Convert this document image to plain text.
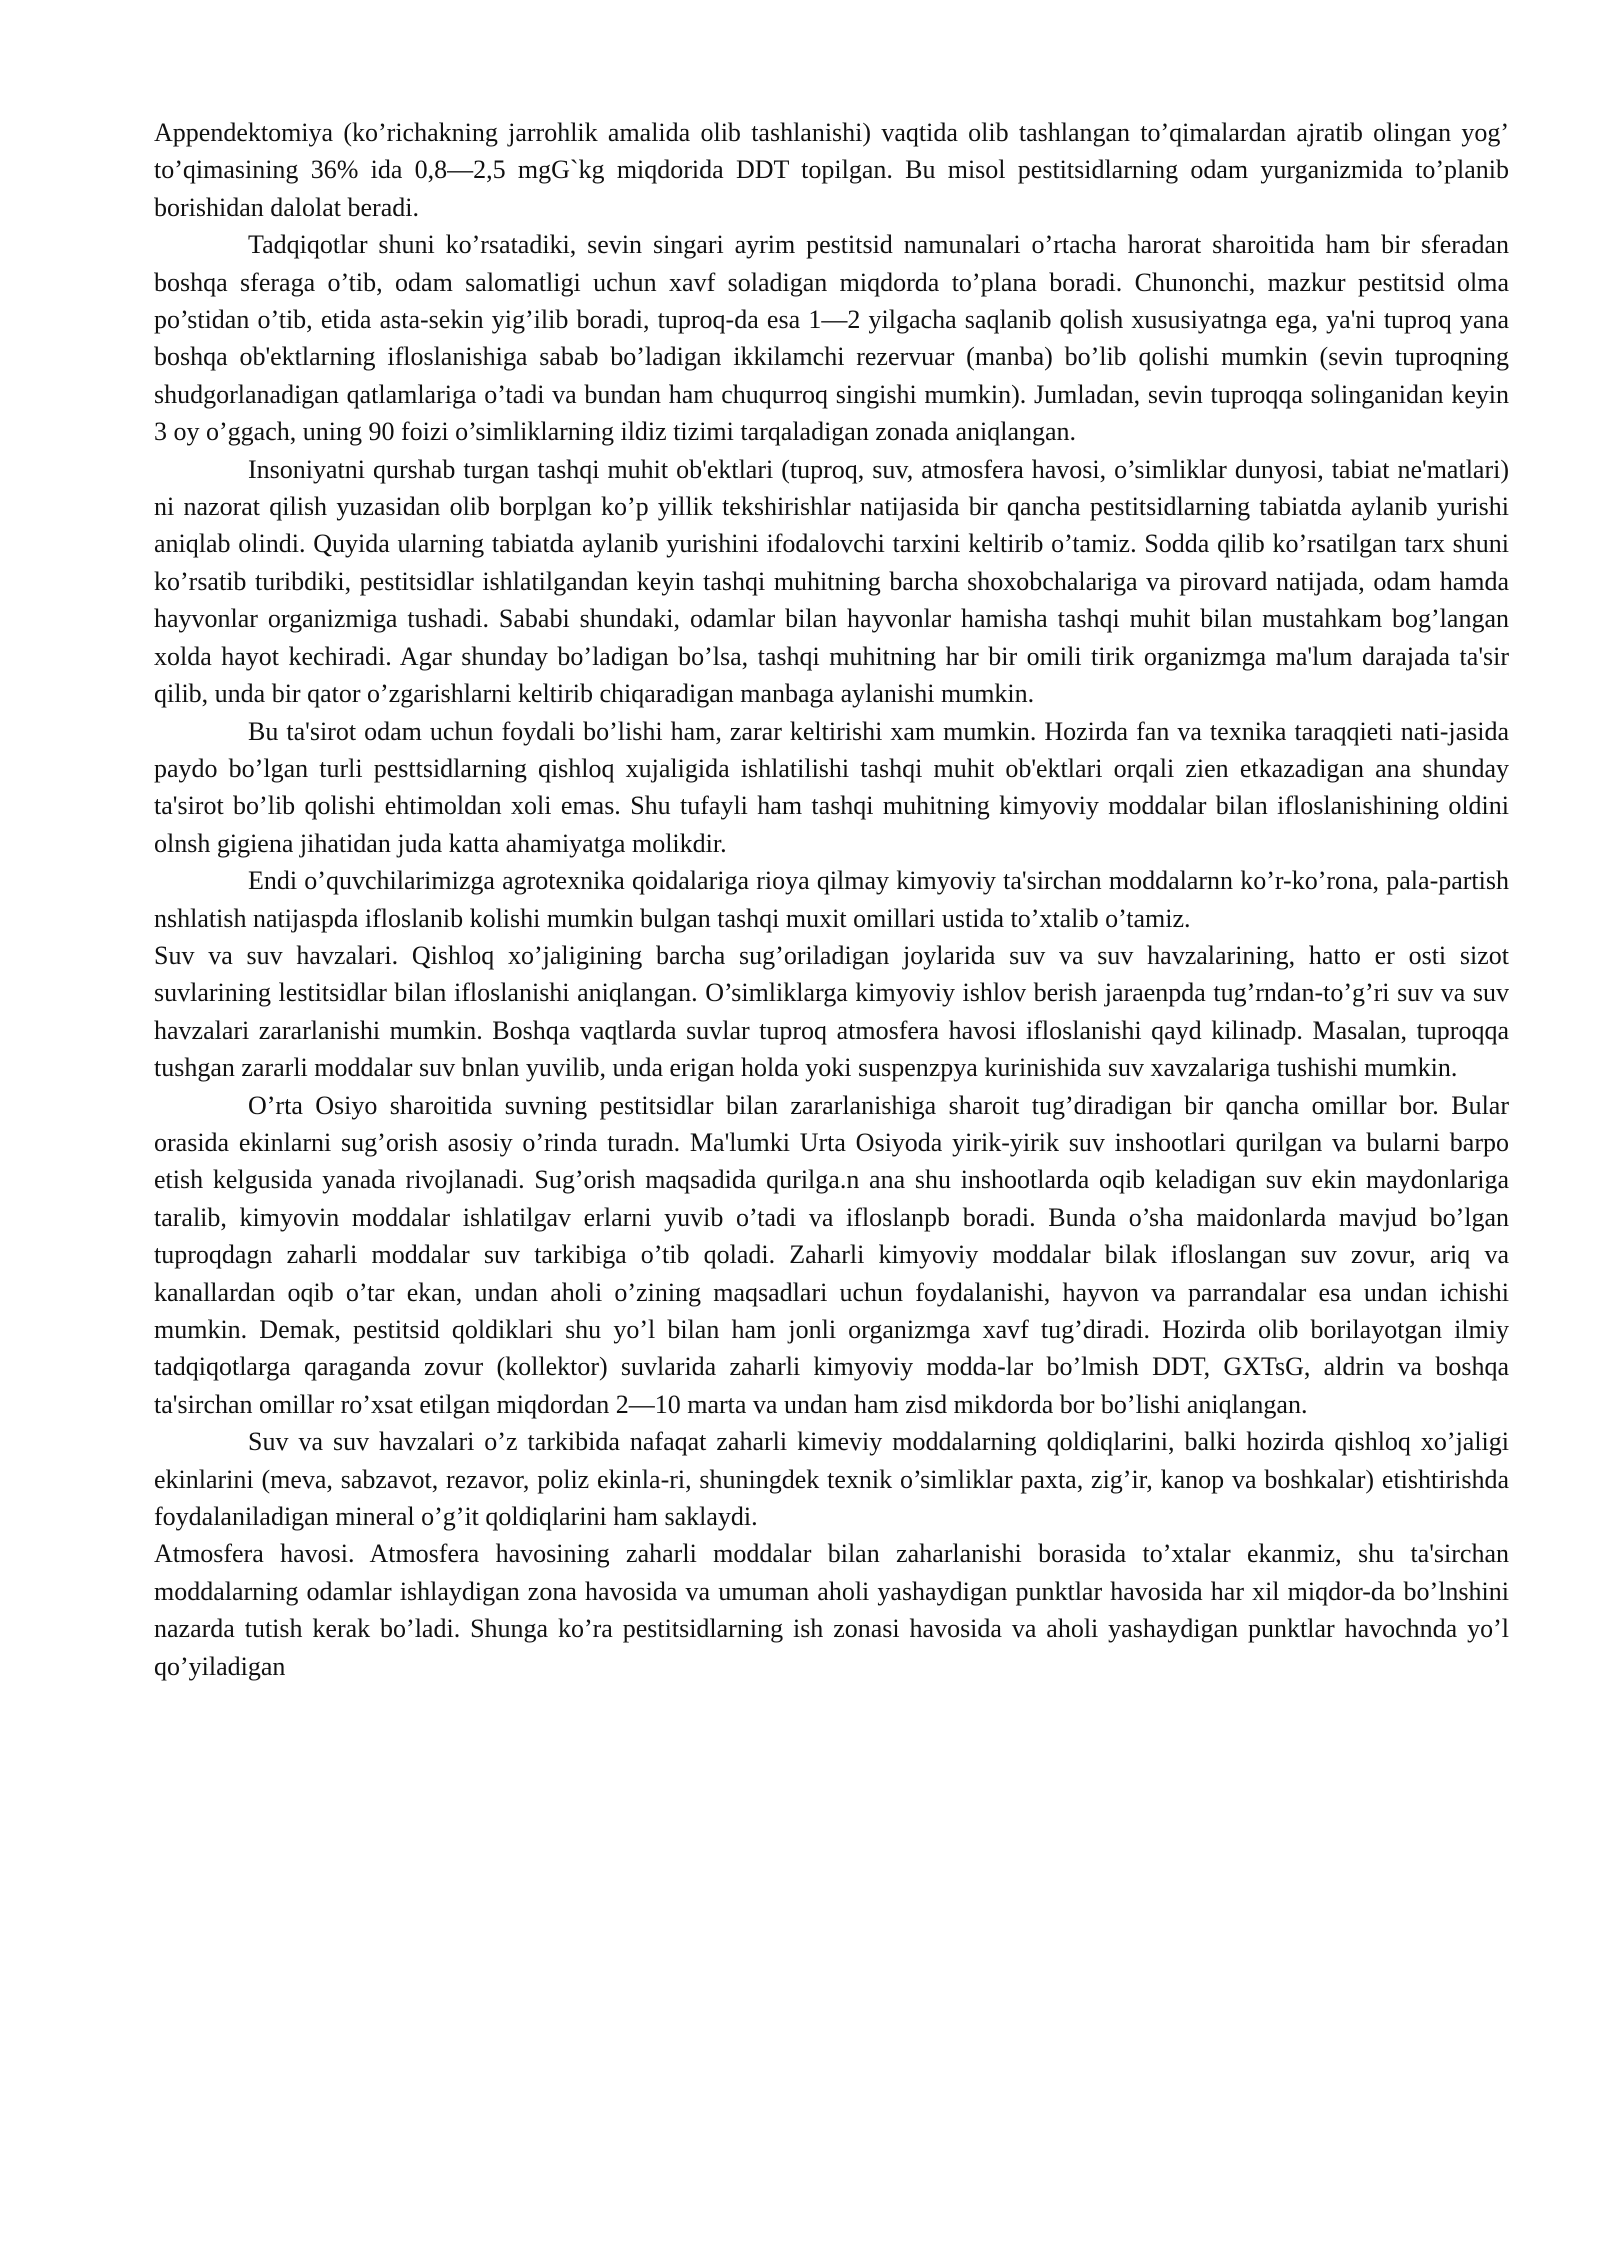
Appendektomiya (ko’richakning jarrohlik amalida olib tashlanishi) vaqtida olib tashlangan to’qimalardan ajratib olingan yog’ to’qimasining 36% ida 0,8—2,5 mgG`kg miqdorida DDT topilgan. Bu misol pestitsidlarning odam yurganizmida to’planib borishidan dalolat beradi.

Tadqiqotlar shuni ko’rsatadiki, sevin singari ayrim pestitsid namunalari o’rtacha harorat sharoitida ham bir sferadan boshqa sferaga o’tib, odam salomatligi uchun xavf soladigan miqdorda to’plana boradi. Chunonchi, mazkur pestitsid olma po’stidan o’tib, etida asta-sekin yig’ilib boradi, tuproq-da esa 1—2 yilgacha saqlanib qolish xususiyatnga ega, ya'ni tuproq yana boshqa ob'ektlarning ifloslanishiga sabab bo’ladigan ikkilamchi rezervuar (manba) bo’lib qolishi mumkin (sevin tuproqning shudgorlanadigan qatlamlariga o’tadi va bundan ham chuqurroq singishi mumkin). Jumladan, sevin tuproqqa solinganidan keyin 3 oy o’ggach, uning 90 foizi o’simliklarning ildiz tizimi tarqaladigan zonada aniqlangan.

Insoniyatni qurshab turgan tashqi muhit ob'ektlari (tuproq, suv, atmosfera havosi, o’simliklar dunyosi, tabiat ne'matlari) ni nazorat qilish yuzasidan olib borplgan ko’p yillik tekshirishlar natijasida bir qancha pestitsidlarning tabiatda aylanib yurishi aniqlab olindi. Quyida ularning tabiatda aylanib yurishini ifodalovchi tarxini keltirib o’tamiz. Sodda qilib ko’rsatilgan tarx shuni ko’rsatib turibdiki, pestitsidlar ishlatilgandan keyin tashqi muhitning barcha shoxobchalariga va pirovard natijada, odam hamda hayvonlar organizmiga tushadi. Sababi shundaki, odamlar bilan hayvonlar hamisha tashqi muhit bilan mustahkam bog’langan xolda hayot kechiradi. Agar shunday bo’ladigan bo’lsa, tashqi muhitning har bir omili tirik organizmga ma'lum darajada ta'sir qilib, unda bir qator o’zgarishlarni keltirib chiqaradigan manbaga aylanishi mumkin.

Bu ta'sirot odam uchun foydali bo’lishi ham, zarar keltirishi xam mumkin. Hozirda fan va texnika taraqqieti nati-jasida paydo bo’lgan turli pesttsidlarning qishloq xujaligida ishlatilishi tashqi muhit ob'ektlari orqali zien etkazadigan ana shunday ta'sirot bo’lib qolishi ehtimoldan xoli emas. Shu tufayli ham tashqi muhitning kimyoviy moddalar bilan ifloslanishining oldini olnsh gigiena jihatidan juda katta ahamiyatga molikdir.

Endi o’quvchilarimizga agrotexnika qoidalariga rioya qilmay kimyoviy ta'sirchan moddalarnn ko’r-ko’rona, pala-partish nshlatish natijaspda ifloslanib kolishi mumkin bulgan tashqi muxit omillari ustida to’xtalib o’tamiz.

Suv va suv havzalari. Qishloq xo’jaligining barcha sug’oriladigan joylarida suv va suv havzalarining, hatto er osti sizot suvlarining lestitsidlar bilan ifloslanishi aniqlangan. O’simliklarga kimyoviy ishlov berish jaraenpda tug’rndan-to’g’ri suv va suv havzalari zararlanishi mumkin. Boshqa vaqtlarda suvlar tuproq atmosfera havosi ifloslanishi qayd kilinadp. Masalan, tuproqqa tushgan zararli moddalar suv bnlan yuvilib, unda erigan holda yoki suspenzpya kurinishida suv xavzalariga tushishi mumkin.

O’rta Osiyo sharoitida suvning pestitsidlar bilan zararlanishiga sharoit tug’diradigan bir qancha omillar bor. Bular orasida ekinlarni sug’orish asosiy o’rinda turadn. Ma'lumki Urta Osiyoda yirik-yirik suv inshootlari qurilgan va bularni barpo etish kelgusida yanada rivojlanadi. Sug’orish maqsadida qurilga.n ana shu inshootlarda oqib keladigan suv ekin maydonlariga taralib, kimyovin moddalar ishlatilgav erlarni yuvib o’tadi va ifloslanpb boradi. Bunda o’sha maidonlarda mavjud bo’lgan tuproqdagn zaharli moddalar suv tarkibiga o’tib qoladi. Zaharli kimyoviy moddalar bilak ifloslangan suv zovur, ariq va kanallardan oqib o’tar ekan, undan aholi o’zining maqsadlari uchun foydalanishi, hayvon va parrandalar esa undan ichishi mumkin. Demak, pestitsid qoldiklari shu yo’l bilan ham jonli organizmga xavf tug’diradi. Hozirda olib borilayotgan ilmiy tadqiqotlarga qaraganda zovur (kollektor) suvlarida zaharli kimyoviy modda-lar bo’lmish DDT, GXTsG, aldrin va boshqa ta'sirchan omillar ro’xsat etilgan miqdordan 2—10 marta va undan ham zisd mikdorda bor bo’lishi aniqlangan.

Suv va suv havzalari o’z tarkibida nafaqat zaharli kimeviy moddalarning qoldiqlarini, balki hozirda qishloq xo’jaligi ekinlarini (meva, sabzavot, rezavor, poliz ekinla-ri, shuningdek texnik o’simliklar paxta, zig’ir, kanop va boshkalar) etishtirishda foydalaniladigan mineral o’g’it qoldiqlarini ham saklaydi.

Atmosfera havosi. Atmosfera havosining zaharli moddalar bilan zaharlanishi borasida to’xtalar ekanmiz, shu ta'sirchan moddalarning odamlar ishlaydigan zona havosida va umuman aholi yashaydigan punktlar havosida har xil miqdor-da bo’lnshini nazarda tutish kerak bo’ladi. Shunga ko’ra pestitsidlarning ish zonasi havosida va aholi yashaydigan punktlar havochnda yo’l qo’yiladigan
